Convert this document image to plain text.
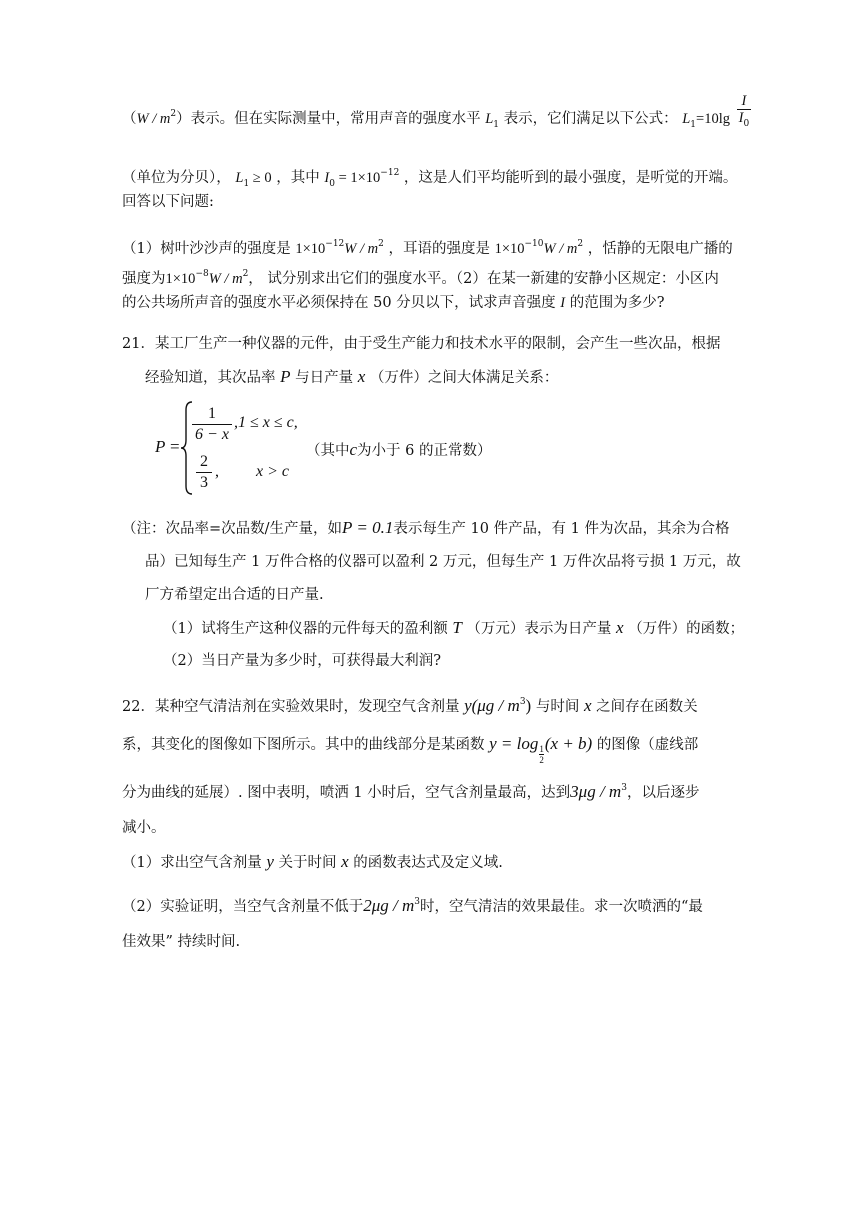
$(W / m^2)$表示。但在实际测量中，常用声音的强度水平 $L_1$ 表示，它们满足以下公式： $L_1=10\lg \frac{I}{I_0}$
（单位为分贝）， $L_1 \ge 0$ ，其中 $I_0 = 1\times 10^{-12}$ ，这是人们平均能听到的最小强度，是听觉的开端。
回答以下问题:
（1）树叶沙沙声的强度是 $1\times 10^{-12}W / m^2$ ，耳语的强度是 $1\times 10^{-10}W / m^2$ ，恬静的无限电广播的
强度为$1\times 10^{-8}W / m^2$， 试分别求出它们的强度水平。（2）在某一新建的安静小区规定：小区内
的公共场所声音的强度水平必须保持在 50 分贝以下，试求声音强度 I 的范围为多少?
21．某工厂生产一种仪器的元件，由于受生产能力和技术水平的限制，会产生一些次品，根据
经验知道，其次品率 P 与日产量 x （万件）之间大体满足关系：
P =
$\frac{1}{6 - x} ,1 \le x \le c$,
$\frac{2}{3}$ , x > c
（其中c为小于 6 的正常数）
（注：次品率=次品数/生产量，如P = 0.1表示每生产 10 件产品，有 1 件为次品，其余为合格
品）已知每生产 1 万件合格的仪器可以盈利 2 万元，但每生产 1 万件次品将亏损 1 万元，故
厂方希望定出合适的日产量.
（1）试将生产这种仪器的元件每天的盈利额 T （万元）表示为日产量 x （万件）的函数；
（2）当日产量为多少时，可获得最大利润?
22．某种空气清洁剂在实验效果时，发现空气含剂量 $y(\mu g / m^3)$ 与时间 x 之间存在函数关
系，其变化的图像如下图所示。其中的曲线部分是某函数 y = log
$\frac{1}{2}$
(x + b) 的图像（虚线部
分为曲线的延展）. 图中表明，喷洒 1 小时后，空气含剂量最高，达到$3\mu g / m^3$，以后逐步
减小。
（1）求出空气含剂量 y 关于时间 x 的函数表达式及定义域.
（2）实验证明，当空气含剂量不低于$2\mu g / m^3$时，空气清洁的效果最佳。求一次喷洒的“最
佳效果” 持续时间.
